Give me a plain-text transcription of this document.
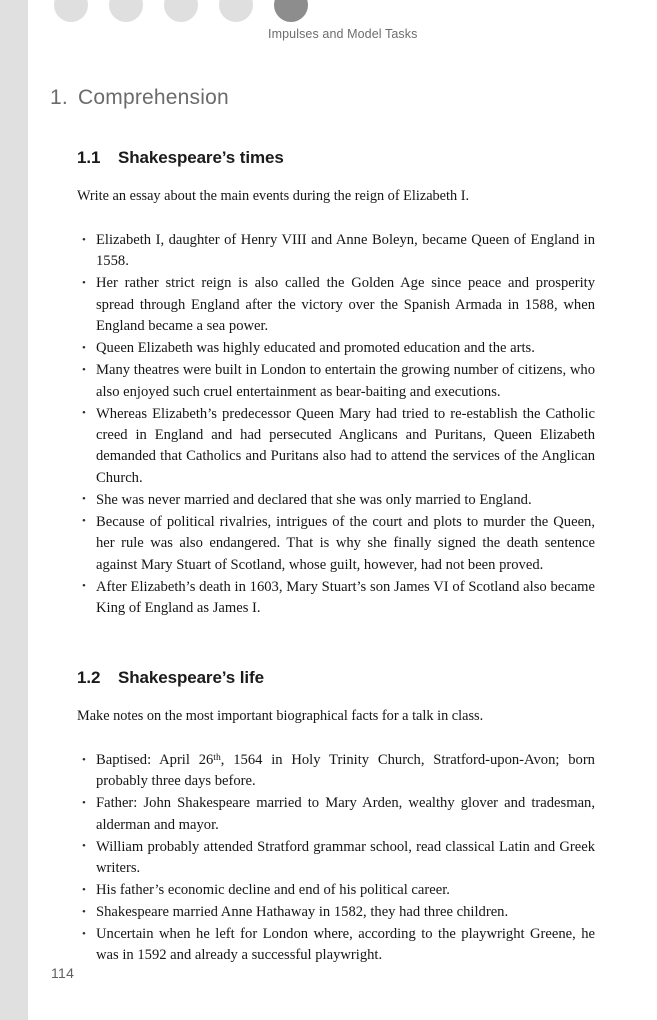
Impulses and Model Tasks
1. Comprehension
1.1	Shakespeare’s times

Write an essay about the main events during the reign of Elizabeth I.

• Elizabeth I, daughter of Henry VIII and Anne Boleyn, became Queen of England in 1558.
• Her rather strict reign is also called the Golden Age since peace and prosperity spread through England after the victory over the Spanish Armada in 1588, when England became a sea power.
• Queen Elizabeth was highly educated and promoted education and the arts.
• Many theatres were built in London to entertain the growing number of citizens, who also enjoyed such cruel entertainment as bear-baiting and executions.
• Whereas Elizabeth’s predecessor Queen Mary had tried to re-establish the Catholic creed in England and had persecuted Anglicans and Puritans, Queen Elizabeth demanded that Catholics and Puritans also had to attend the services of the Anglican Church.
• She was never married and declared that she was only married to England.
• Because of political rivalries, intrigues of the court and plots to murder the Queen, her rule was also endangered. That is why she finally signed the death sentence against Mary Stuart of Scotland, whose guilt, however, had not been proved.
• After Elizabeth’s death in 1603, Mary Stuart’s son James VI of Scotland also became King of England as James I.
1.2	Shakespeare’s life

Make notes on the most important biographical facts for a talk in class.

• Baptised: April 26th, 1564 in Holy Trinity Church, Stratford-upon-Avon; born probably three days before.
• Father: John Shakespeare married to Mary Arden, wealthy glover and tradesman, alderman and mayor.
• William probably attended Stratford grammar school, read classical Latin and Greek writers.
• His father’s economic decline and end of his political career.
• Shakespeare married Anne Hathaway in 1582, they had three children.
• Uncertain when he left for London where, according to the playwright Greene, he was in 1592 and already a successful playwright.
114
